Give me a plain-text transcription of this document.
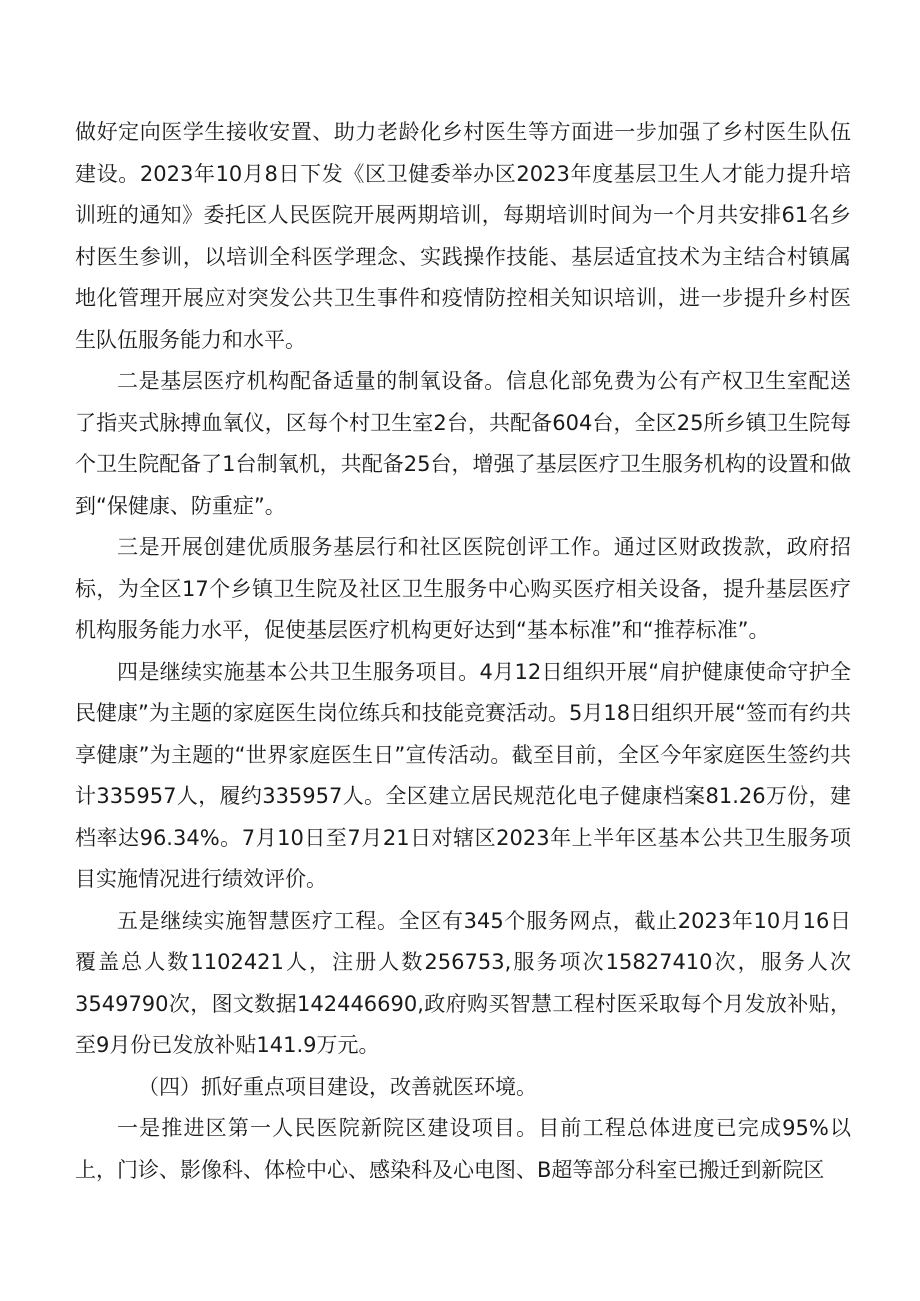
做好定向医学生接收安置、助力老龄化乡村医生等方面进一步加强了乡村医生队伍建设。2023年10月8日下发《区卫健委举办区2023年度基层卫生人才能力提升培训班的通知》委托区人民医院开展两期培训，每期培训时间为一个月共安排61名乡村医生参训，以培训全科医学理念、实践操作技能、基层适宜技术为主结合村镇属地化管理开展应对突发公共卫生事件和疫情防控相关知识培训，进一步提升乡村医生队伍服务能力和水平。

二是基层医疗机构配备适量的制氧设备。信息化部免费为公有产权卫生室配送了指夹式脉搏血氧仪，区每个村卫生室2台，共配备604台，全区25所乡镇卫生院每个卫生院配备了1台制氧机，共配备25台，增强了基层医疗卫生服务机构的设置和做到“保健康、防重症”。

三是开展创建优质服务基层行和社区医院创评工作。通过区财政拨款，政府招标，为全区17个乡镇卫生院及社区卫生服务中心购买医疗相关设备，提升基层医疗机构服务能力水平，促使基层医疗机构更好达到“基本标准”和“推荐标准”。

四是继续实施基本公共卫生服务项目。4月12日组织开展“肩护健康使命守护全民健康”为主题的家庭医生岗位练兵和技能竞赛活动。5月18日组织开展“签而有约共享健康”为主题的“世界家庭医生日”宣传活动。截至目前，全区今年家庭医生签约共计335957人，履约335957人。全区建立居民规范化电子健康档案81.26万份，建档率达96.34%。7月10日至7月21日对辖区2023年上半年区基本公共卫生服务项目实施情况进行绩效评价。

五是继续实施智慧医疗工程。全区有345个服务网点，截止2023年10月16日覆盖总人数1102421人，注册人数256753,服务项次15827410次，服务人次3549790次，图文数据142446690,政府购买智慧工程村医采取每个月发放补贴，至9月份已发放补贴141.9万元。

（四）抓好重点项目建设，改善就医环境。

一是推进区第一人民医院新院区建设项目。目前工程总体进度已完成95%以上，门诊、影像科、体检中心、感染科及心电图、B超等部分科室已搬迁到新院区
